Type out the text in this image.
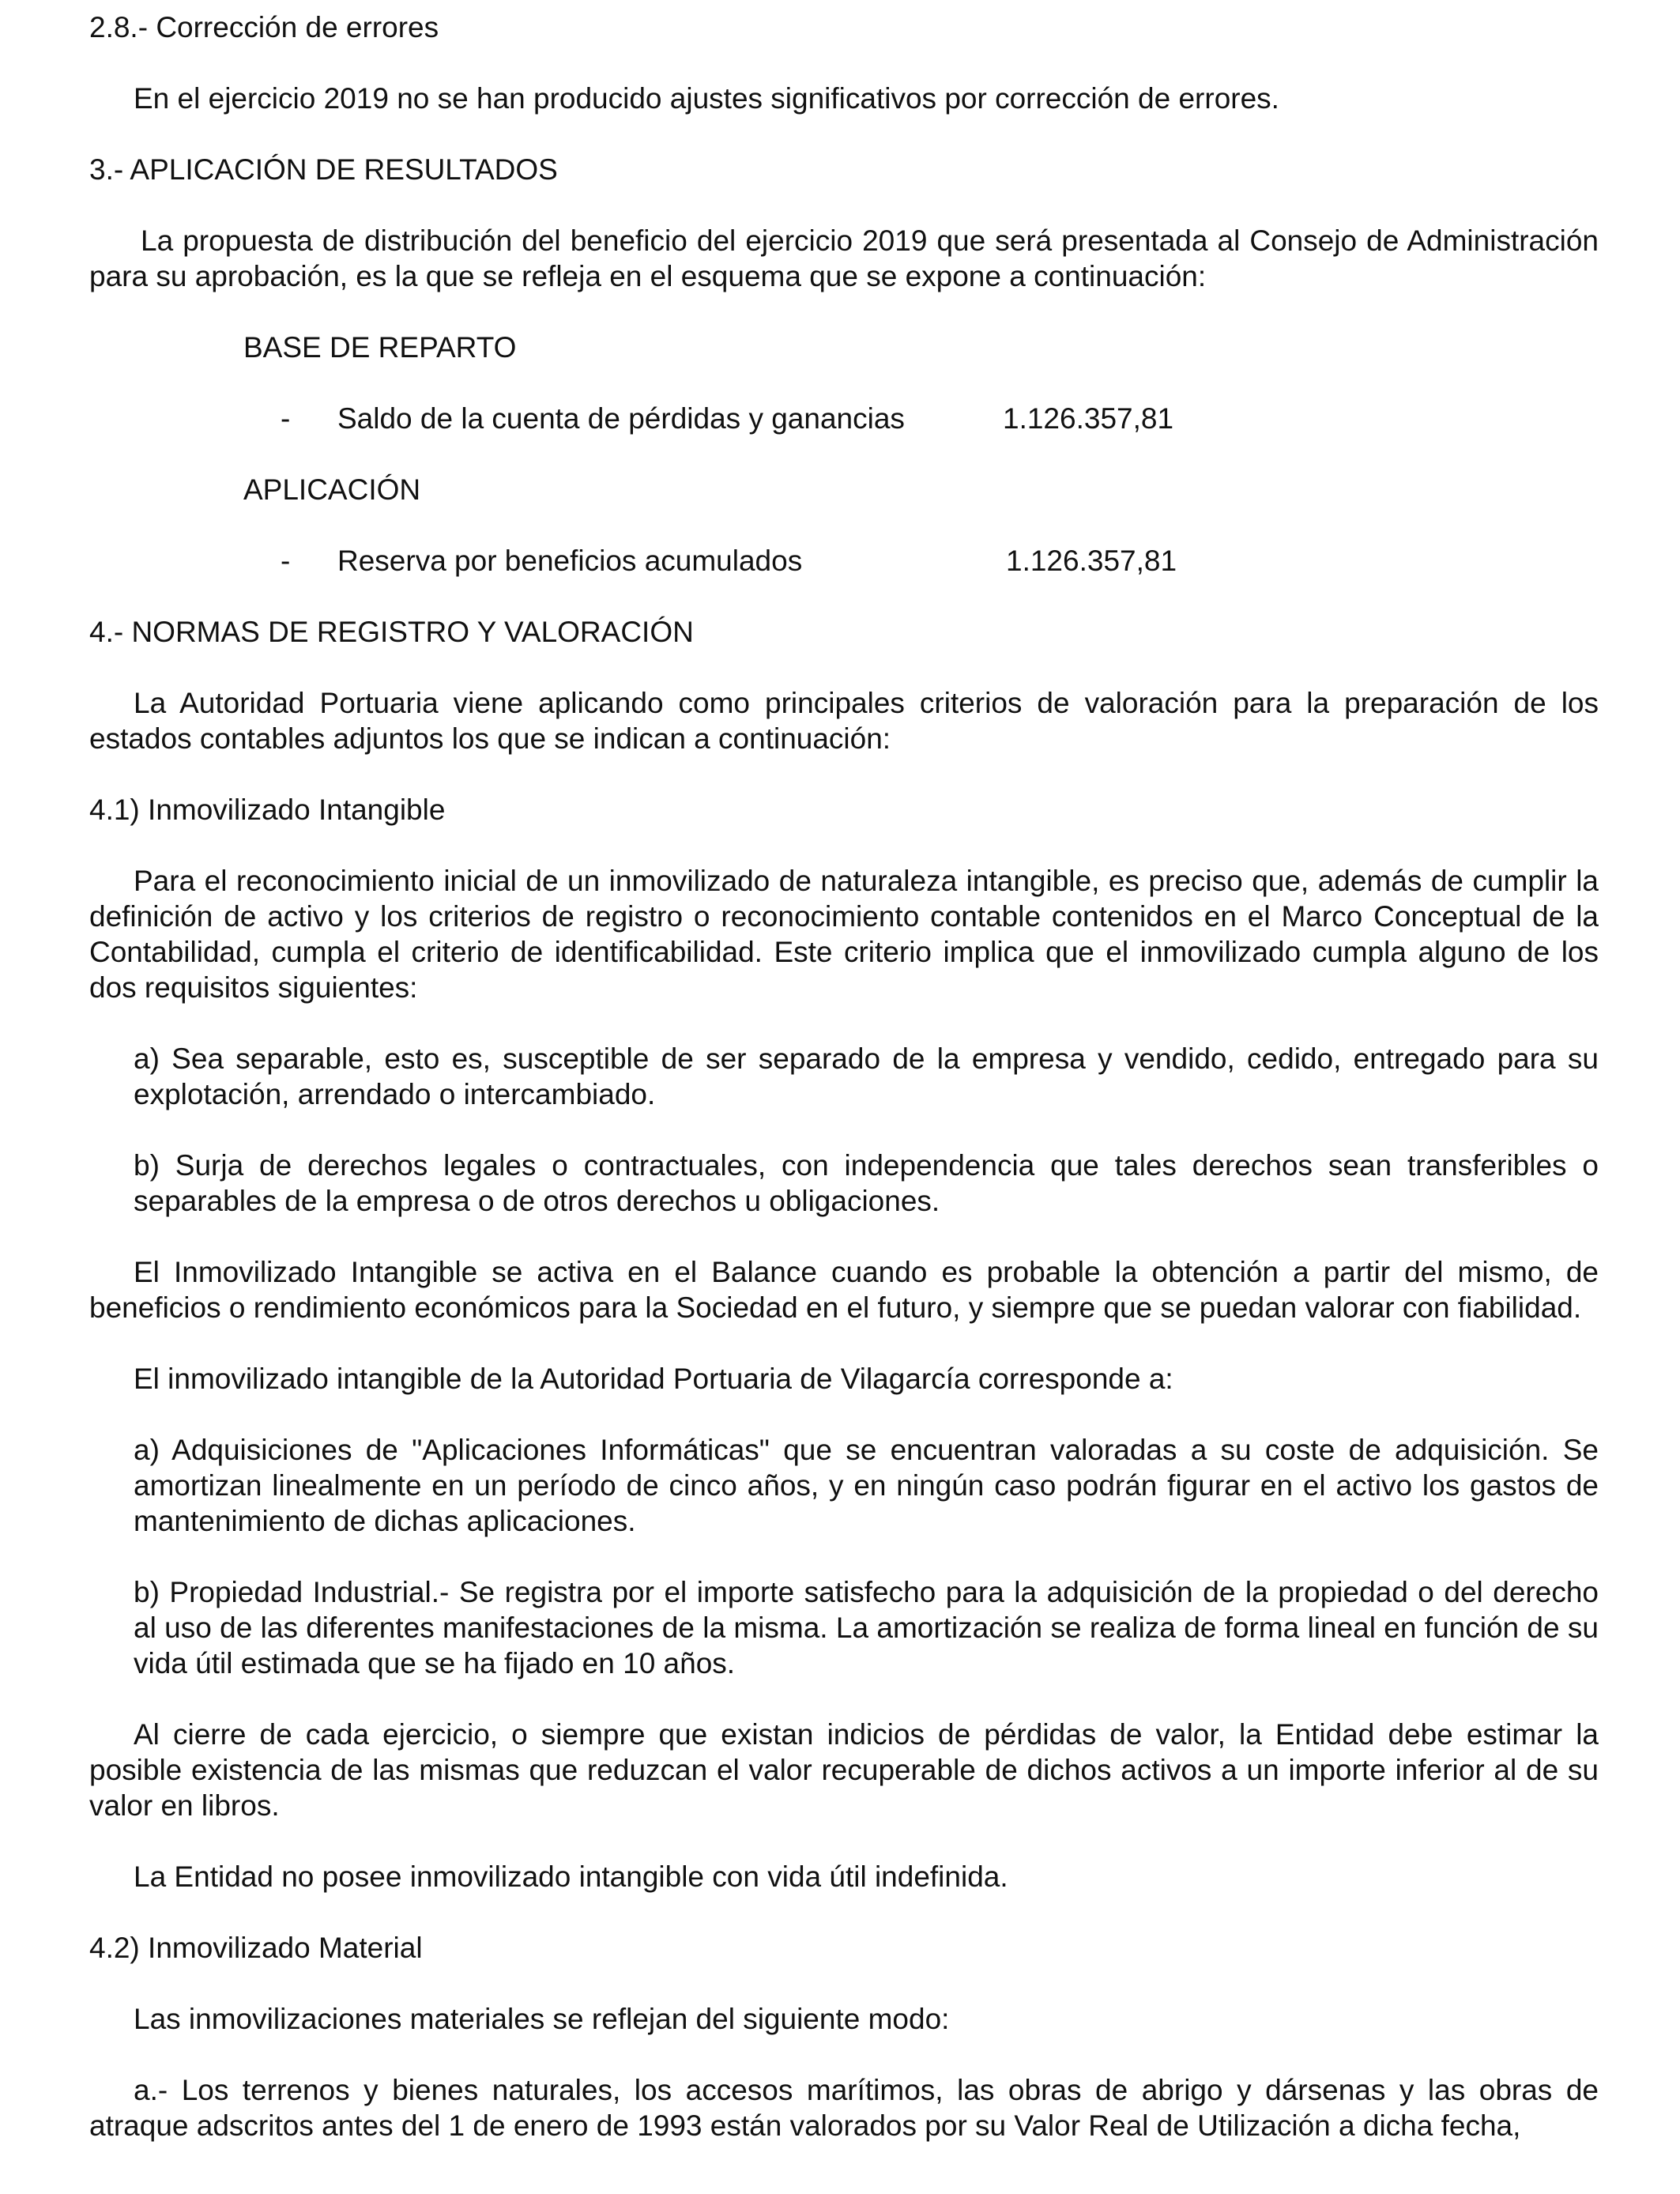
2.8.- Corrección de errores
En el ejercicio 2019 no se han producido ajustes significativos por corrección de errores.
3.- APLICACIÓN DE RESULTADOS
La propuesta de distribución del beneficio del ejercicio 2019 que será presentada al Consejo de Administración para su aprobación, es la que se refleja en el esquema que se expone a continuación:
BASE DE REPARTO
- Saldo de la cuenta de pérdidas y ganancias	1.126.357,81
APLICACIÓN
- Reserva por beneficios acumulados	1.126.357,81
4.- NORMAS DE REGISTRO Y VALORACIÓN
La Autoridad Portuaria viene aplicando como principales criterios de valoración para la preparación de los estados contables adjuntos los que se indican a continuación:
4.1) Inmovilizado Intangible
Para el reconocimiento inicial de un inmovilizado de naturaleza intangible, es preciso que, además de cumplir la definición de activo y los criterios de registro o reconocimiento contable contenidos en el Marco Conceptual de la Contabilidad, cumpla el criterio de identificabilidad. Este criterio implica que el inmovilizado cumpla alguno de los dos requisitos siguientes:
a) Sea separable, esto es, susceptible de ser separado de la empresa y vendido, cedido, entregado para su explotación, arrendado o intercambiado.
b) Surja de derechos legales o contractuales, con independencia que tales derechos sean transferibles o separables de la empresa o de otros derechos u obligaciones.
El Inmovilizado Intangible se activa en el Balance cuando es probable la obtención a partir del mismo, de beneficios o rendimiento económicos para la Sociedad en el futuro, y siempre que se puedan valorar con fiabilidad.
El inmovilizado intangible de la Autoridad Portuaria de Vilagarcía corresponde a:
a) Adquisiciones de "Aplicaciones Informáticas" que se encuentran valoradas a su coste de adquisición. Se amortizan linealmente en un período de cinco años, y en ningún caso podrán figurar en el activo los gastos de mantenimiento de dichas aplicaciones.
b) Propiedad Industrial.- Se registra por el importe satisfecho para la adquisición de la propiedad o del derecho al uso de las diferentes manifestaciones de la misma. La amortización se realiza de forma lineal en función de su vida útil estimada que se ha fijado en 10 años.
Al cierre de cada ejercicio, o siempre que existan indicios de pérdidas de valor, la Entidad debe estimar la posible existencia de las mismas que reduzcan el valor recuperable de dichos activos a un importe inferior al de su valor en libros.
La Entidad no posee inmovilizado intangible con vida útil indefinida.
4.2) Inmovilizado Material
Las inmovilizaciones materiales se reflejan del siguiente modo:
a.- Los terrenos y bienes naturales, los accesos marítimos, las obras de abrigo y dársenas y las obras de atraque adscritos antes del 1 de enero de 1993 están valorados por su Valor Real de Utilización a dicha fecha,
